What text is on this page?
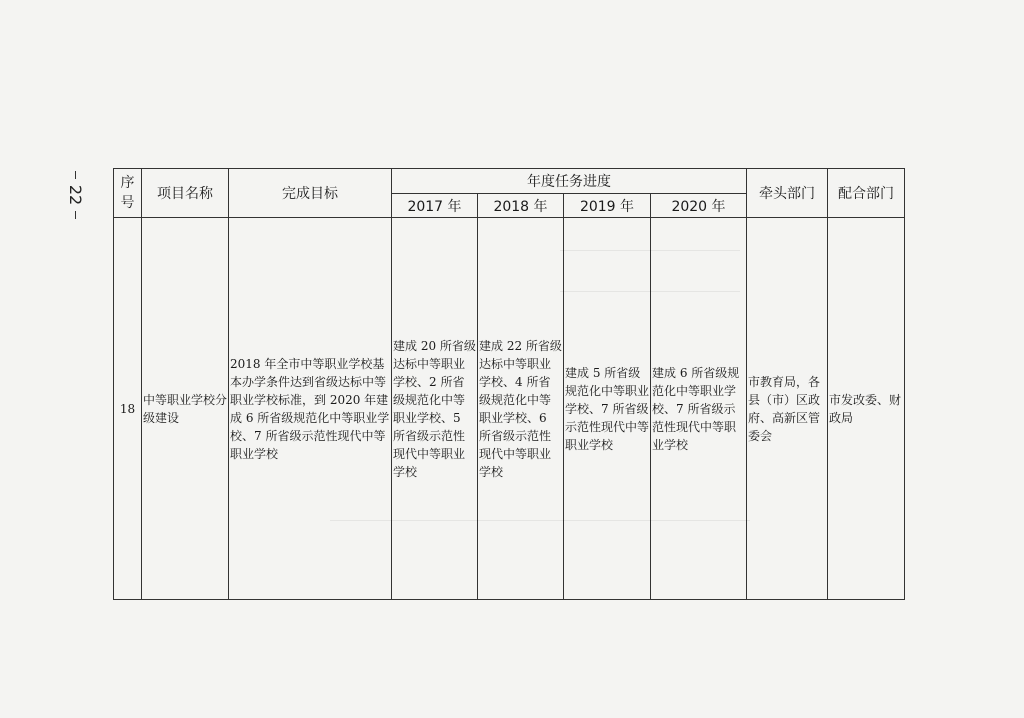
22
序号	项目名称	完成目标	年度任务进度				牵头部门	配合部门
			2017 年	2018 年	2019 年	2020 年		
18	中等职业学校分级建设	2018 年全市中等职业学校基本办学条件达到省级达标中等职业学校标准，到 2020 年建成 6 所省级规范化中等职业学校、7 所省级示范性现代中等职业学校	建成 20 所省级达标中等职业学校、2 所省级规范化中等职业学校、5 所省级示范性现代中等职业学校	建成 22 所省级达标中等职业学校、4 所省级规范化中等职业学校、6 所省级示范性现代中等职业学校	建成 5 所省级规范化中等职业学校、7 所省级示范性现代中等职业学校	建成 6 所省级规范化中等职业学校、7 所省级示范性现代中等职业学校	市教育局，各县（市）区政府、高新区管委会	市发改委、财政局
